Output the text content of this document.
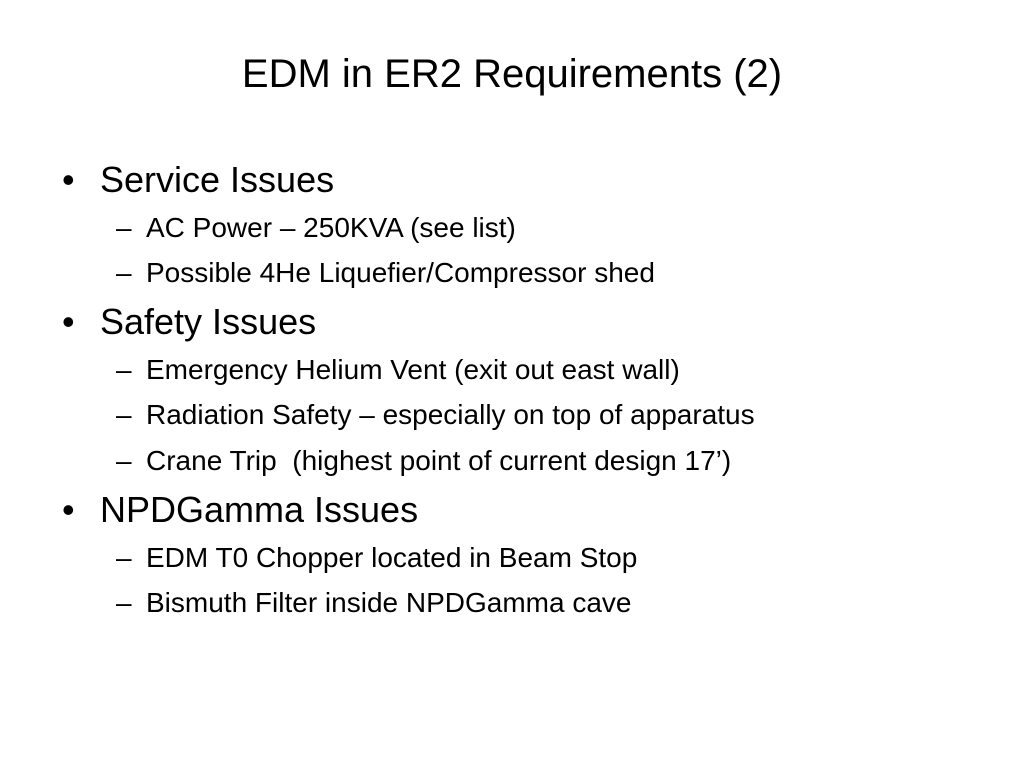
EDM in ER2 Requirements (2)
• Service Issues
– AC Power – 250KVA (see list)
– Possible 4He Liquefier/Compressor shed
• Safety Issues
– Emergency Helium Vent (exit out east wall)
– Radiation Safety – especially on top of apparatus
– Crane Trip  (highest point of current design 17’)
• NPDGamma Issues
– EDM T0 Chopper located in Beam Stop
– Bismuth Filter inside NPDGamma cave
